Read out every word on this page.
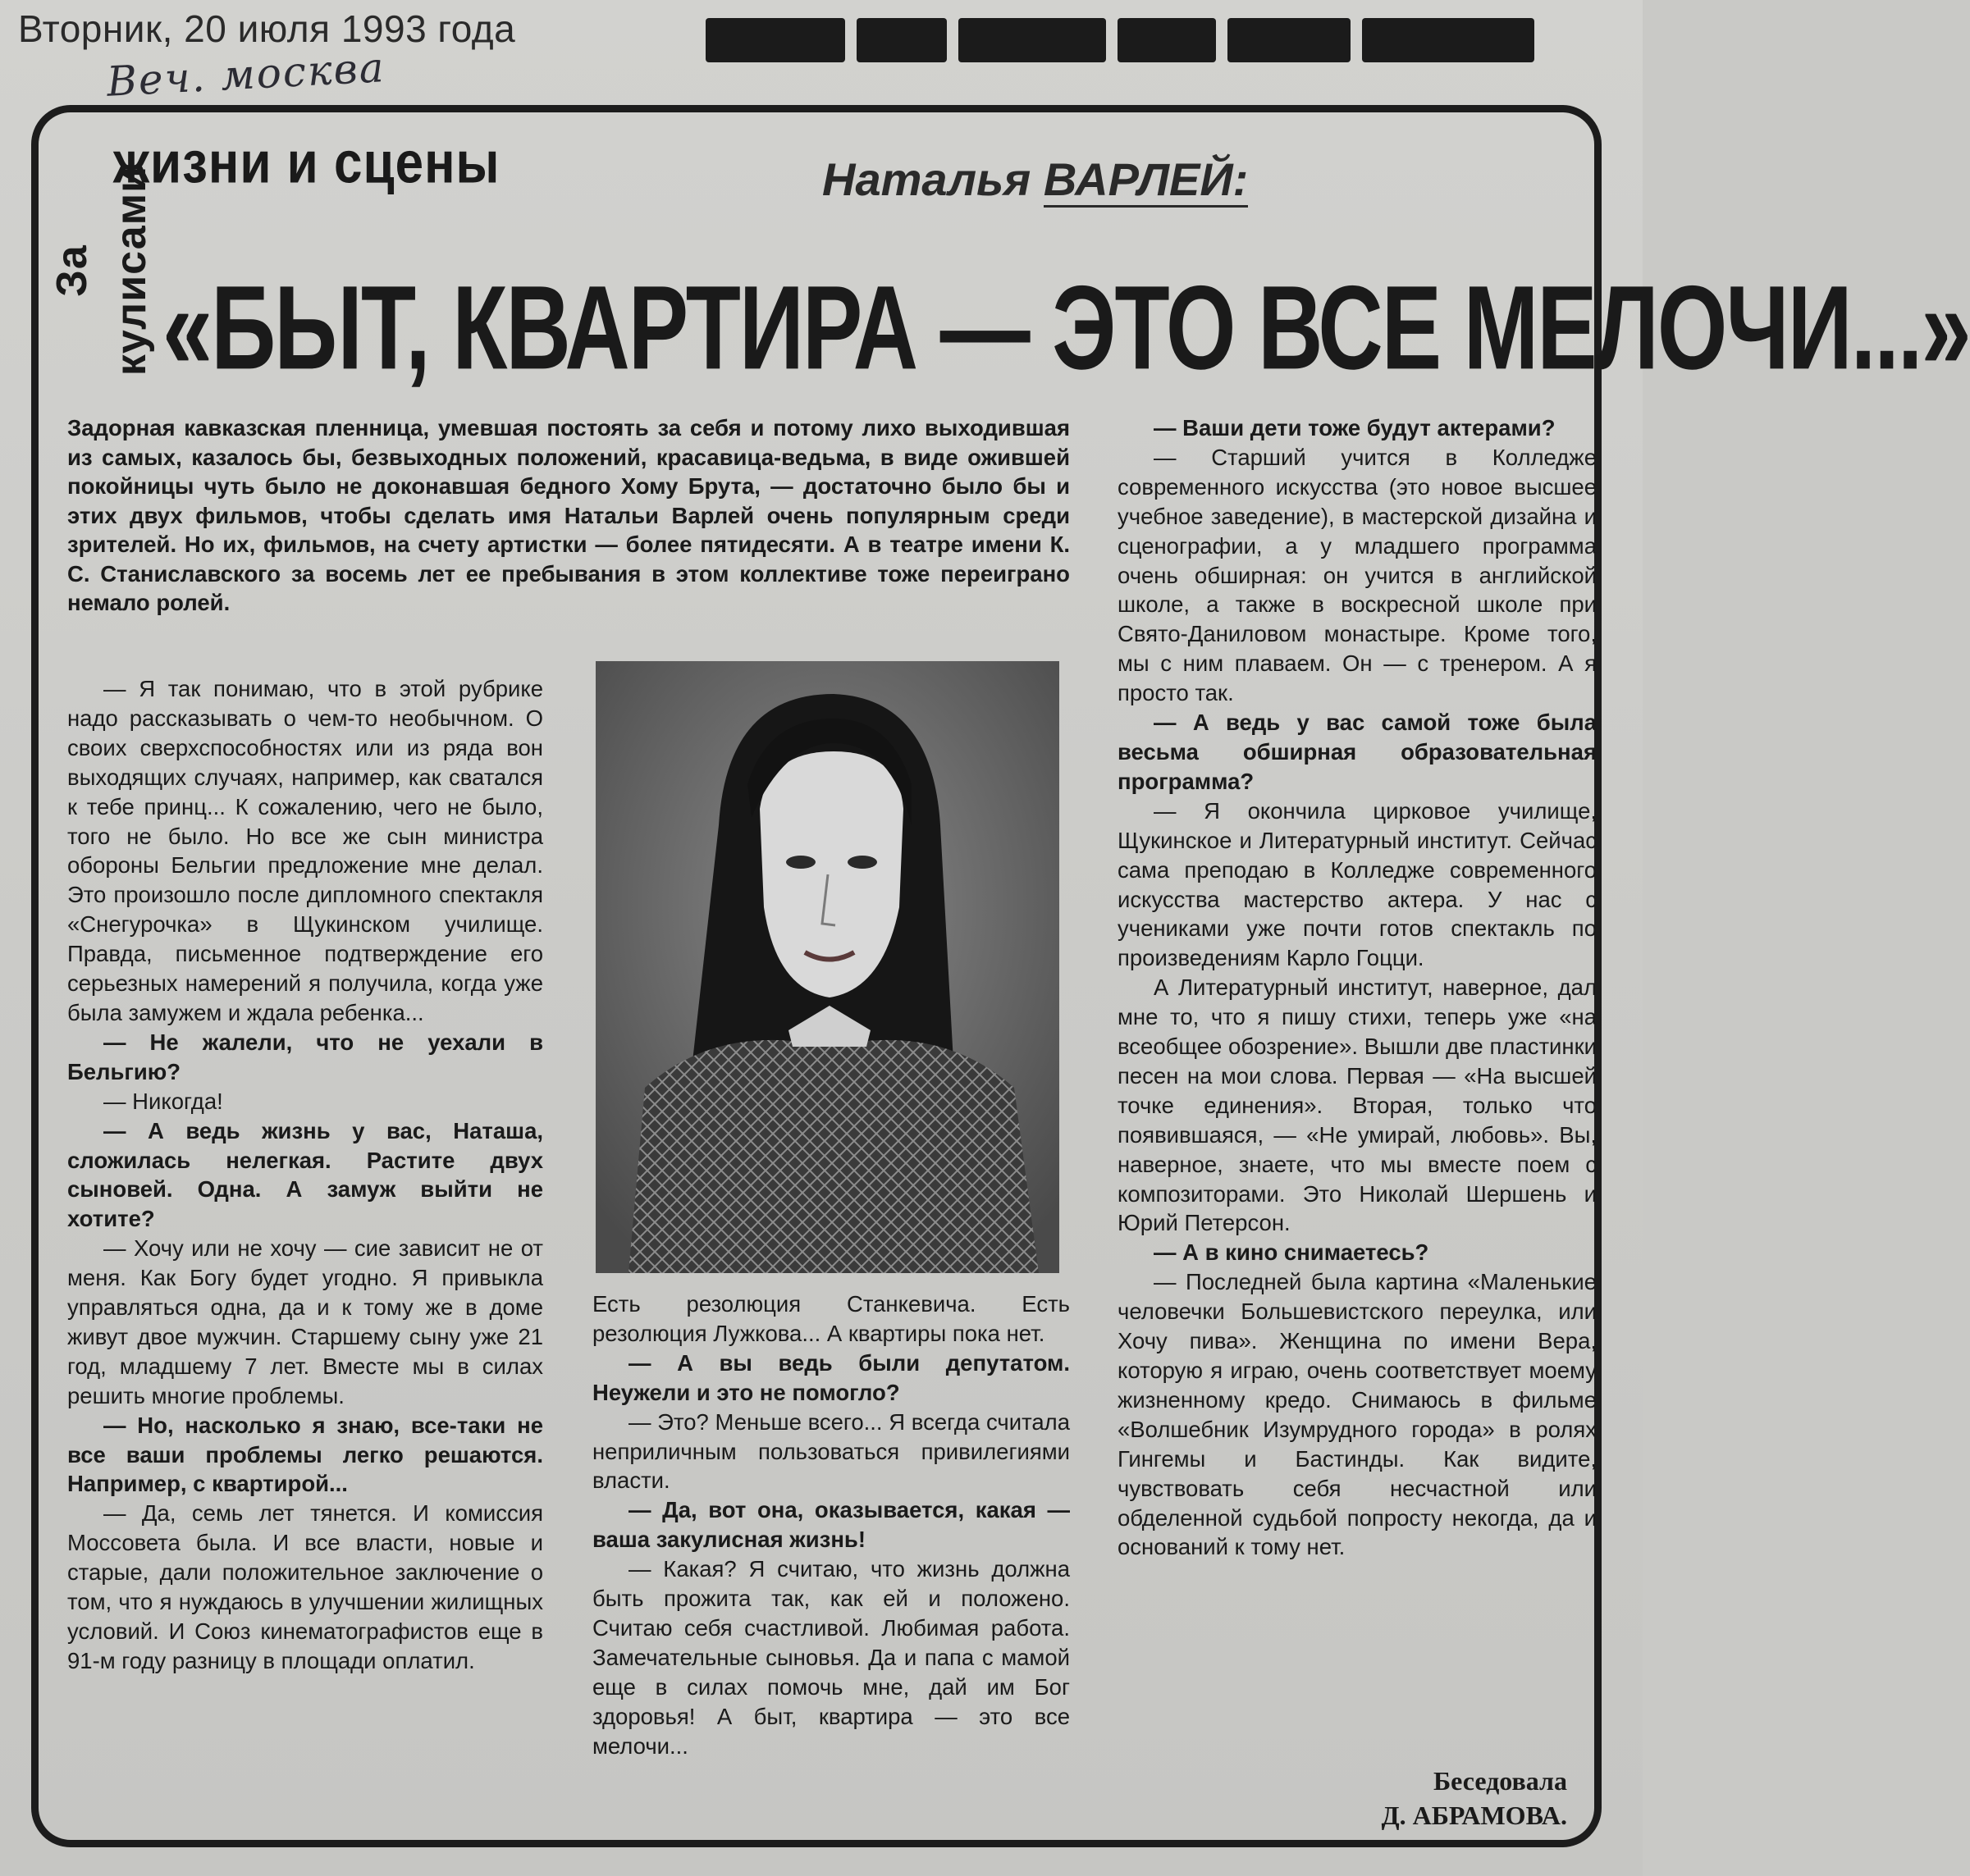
Вторник, 20 июля 1993 года
Веч. москва
За кулисами
жизни и сцены	Наталья ВАРЛЕЙ:
«БЫТ, КВАРТИРА — ЭТО ВСЕ МЕЛОЧИ...»
Задорная кавказская пленница, умевшая постоять за себя и потому лихо выходившая из самых, казалось бы, безвыходных положений, красавица-ведьма, в виде ожившей покойницы чуть было не доконавшая бедного Хому Брута, — достаточно было бы и этих двух фильмов, чтобы сделать имя Натальи Варлей очень популярным среди зрителей. Но их, фильмов, на счету артистки — более пятидесяти. А в театре имени К. С. Станиславского за восемь лет ее пребывания в этом коллективе тоже переиграно немало ролей.

— Я так понимаю, что в этой рубрике надо рассказывать о чем-то необычном. О своих сверхспособностях или из ряда вон выходящих случаях, например, как сватался к тебе принц... К сожалению, чего не было, того не было. Но все же сын министра обороны Бельгии предложение мне делал. Это произошло после дипломного спектакля «Снегурочка» в Щукинском училище. Правда, письменное подтверждение его серьезных намерений я получила, когда уже была замужем и ждала ребенка...

— Не жалели, что не уехали в Бельгию?

— Никогда!

— А ведь жизнь у вас, Наташа, сложилась нелегкая. Растите двух сыновей. Одна. А замуж выйти не хотите?

— Хочу или не хочу — сие зависит не от меня. Как Богу будет угодно. Я привыкла управляться одна, да и к тому же в доме живут двое мужчин. Старшему сыну уже 21 год, младшему 7 лет. Вместе мы в силах решить многие проблемы.

— Но, насколько я знаю, все-таки не все ваши проблемы легко решаются. Например, с квартирой...

— Да, семь лет тянется. И комиссия Моссовета была. И все власти, новые и старые, дали положительное заключение о том, что я нуждаюсь в улучшении жилищных условий. И Союз кинематографистов еще в 91-м году разницу в площади оплатил.

Есть резолюция Станкевича. Есть резолюция Лужкова... А квартиры пока нет.

— А вы ведь были депутатом. Неужели и это не помогло?

— Это? Меньше всего... Я всегда считала неприличным пользоваться привилегиями власти.

— Да, вот она, оказывается, какая — ваша закулисная жизнь!

— Какая? Я считаю, что жизнь должна быть прожита так, как ей и положено. Считаю себя счастливой. Любимая работа. Замечательные сыновья. Да и папа с мамой еще в силах помочь мне, дай им Бог здоровья! А быт, квартира — это все мелочи...

— Ваши дети тоже будут актерами?

— Старший учится в Колледже современного искусства (это новое высшее учебное заведение), в мастерской дизайна и сценографии, а у младшего программа очень обширная: он учится в английской школе, а также в воскресной школе при Свято-Даниловом монастыре. Кроме того, мы с ним плаваем. Он — с тренером. А я просто так.

— А ведь у вас самой тоже была весьма обширная образовательная программа?

— Я окончила цирковое училище, Щукинское и Литературный институт. Сейчас сама преподаю в Колледже современного искусства мастерство актера. У нас с учениками уже почти готов спектакль по произведениям Карло Гоцци.

А Литературный институт, наверное, дал мне то, что я пишу стихи, теперь уже «на всеобщее обозрение». Вышли две пластинки песен на мои слова. Первая — «На высшей точке единения». Вторая, только что появившаяся, — «Не умирай, любовь». Вы, наверное, знаете, что мы вместе поем с композиторами. Это Николай Шершень и Юрий Петерсон.

— А в кино снимаетесь?

— Последней была картина «Маленькие человечки Большевистского переулка, или Хочу пива». Женщина по имени Вера, которую я играю, очень соответствует моему жизненному кредо. Снимаюсь в фильме «Волшебник Изумрудного города» в ролях Гингемы и Бастинды. Как видите, чувствовать себя несчастной или обделенной судьбой попросту некогда, да и оснований к тому нет.

Беседовала
Д. АБРАМОВА.
